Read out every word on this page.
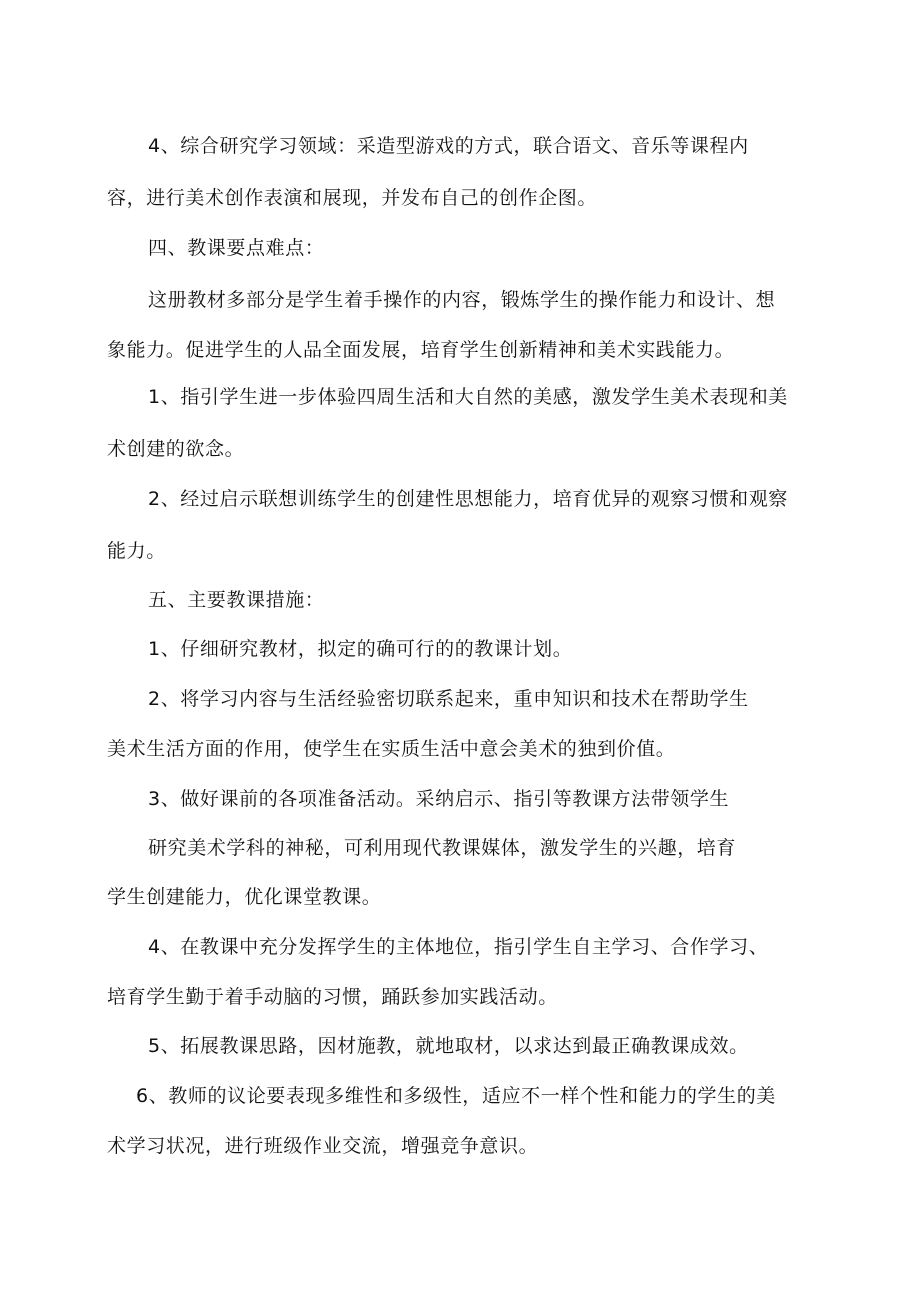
4、综合研究学习领域：采造型游戏的方式，联合语文、音乐等课程内
容，进行美术创作表演和展现，并发布自己的创作企图。
四、教课要点难点：
这册教材多部分是学生着手操作的内容，锻炼学生的操作能力和设计、想
象能力。促进学生的人品全面发展，培育学生创新精神和美术实践能力。
1、指引学生进一步体验四周生活和大自然的美感，激发学生美术表现和美
术创建的欲念。
2、经过启示联想训练学生的创建性思想能力，培育优异的观察习惯和观察
能力。
五、主要教课措施：
1、仔细研究教材，拟定的确可行的的教课计划。
2、将学习内容与生活经验密切联系起来，重申知识和技术在帮助学生
美术生活方面的作用，使学生在实质生活中意会美术的独到价值。
3、做好课前的各项准备活动。采纳启示、指引等教课方法带领学生
研究美术学科的神秘，可利用现代教课媒体，激发学生的兴趣，培育
学生创建能力，优化课堂教课。
4、在教课中充分发挥学生的主体地位，指引学生自主学习、合作学习、
培育学生勤于着手动脑的习惯，踊跃参加实践活动。
5、拓展教课思路，因材施教，就地取材，以求达到最正确教课成效。
6、教师的议论要表现多维性和多级性，适应不一样个性和能力的学生的美
术学习状况，进行班级作业交流，增强竞争意识。
